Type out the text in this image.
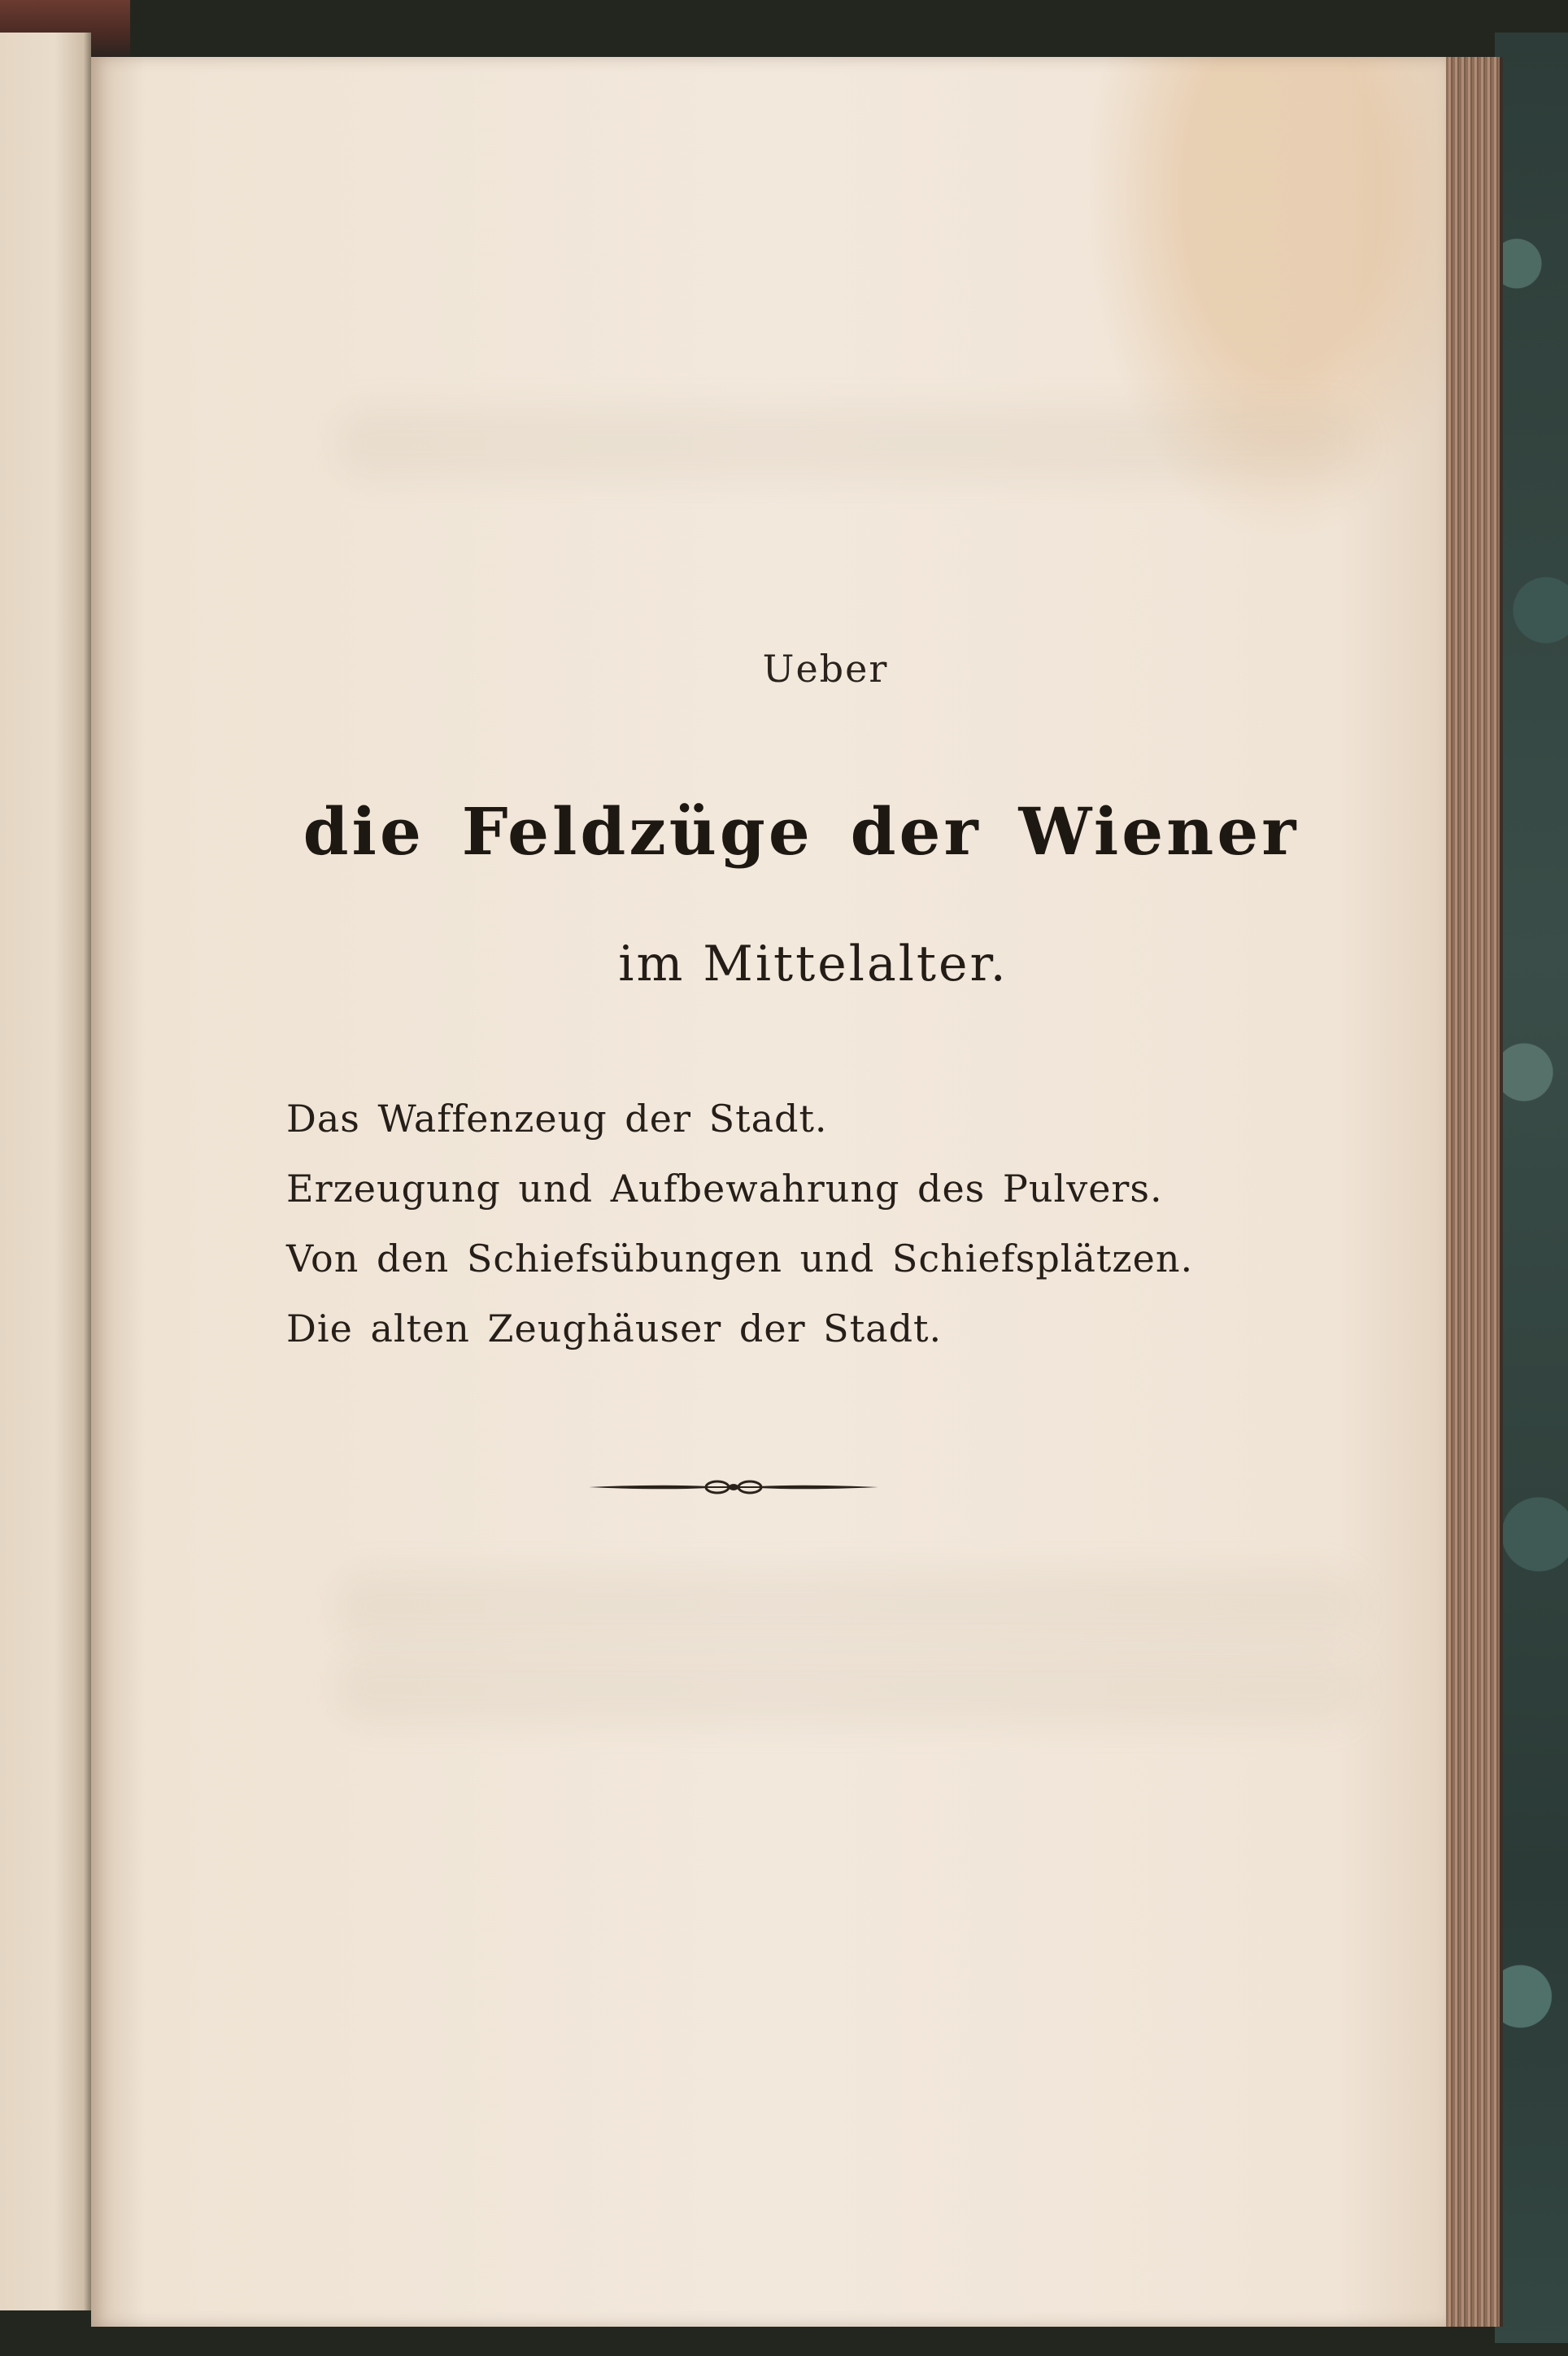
Ueber
die Feldzüge der Wiener
im Mittelalter.
Das Waffenzeug der Stadt.
Erzeugung und Aufbewahrung des Pulvers.
Von den Schiefsübungen und Schiefsplätzen.
Die alten Zeughäuser der Stadt.
